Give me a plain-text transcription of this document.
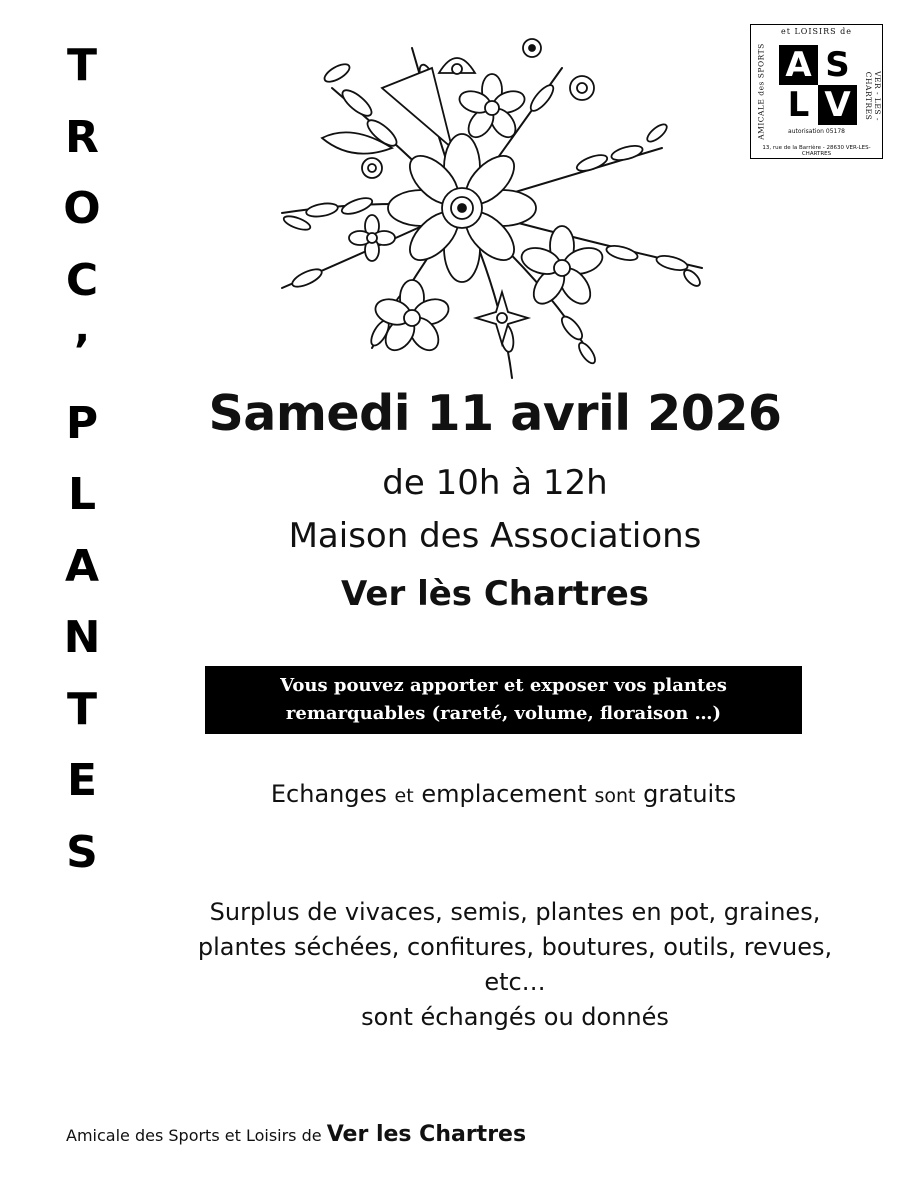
T
R
O
C
’
P
L
A
N
T
E
S
et LOISIRS de
AMICALE des SPORTS	VER - LES - CHARTRES
A S
L V
autorisation 05178
13, rue de la Barrière - 28630 VER-LES-CHARTRES
Samedi 11 avril 2026
de 10h à 12h
Maison des Associations
Ver lès Chartres
Vous pouvez apporter et exposer vos plantes
remarquables (rareté, volume, floraison …)
Echanges et emplacement sont gratuits
Surplus de vivaces, semis, plantes en pot, graines,
plantes séchées, confitures, boutures, outils, revues,
etc…
sont échangés ou donnés
Amicale des Sports et Loisirs de Ver les Chartres
